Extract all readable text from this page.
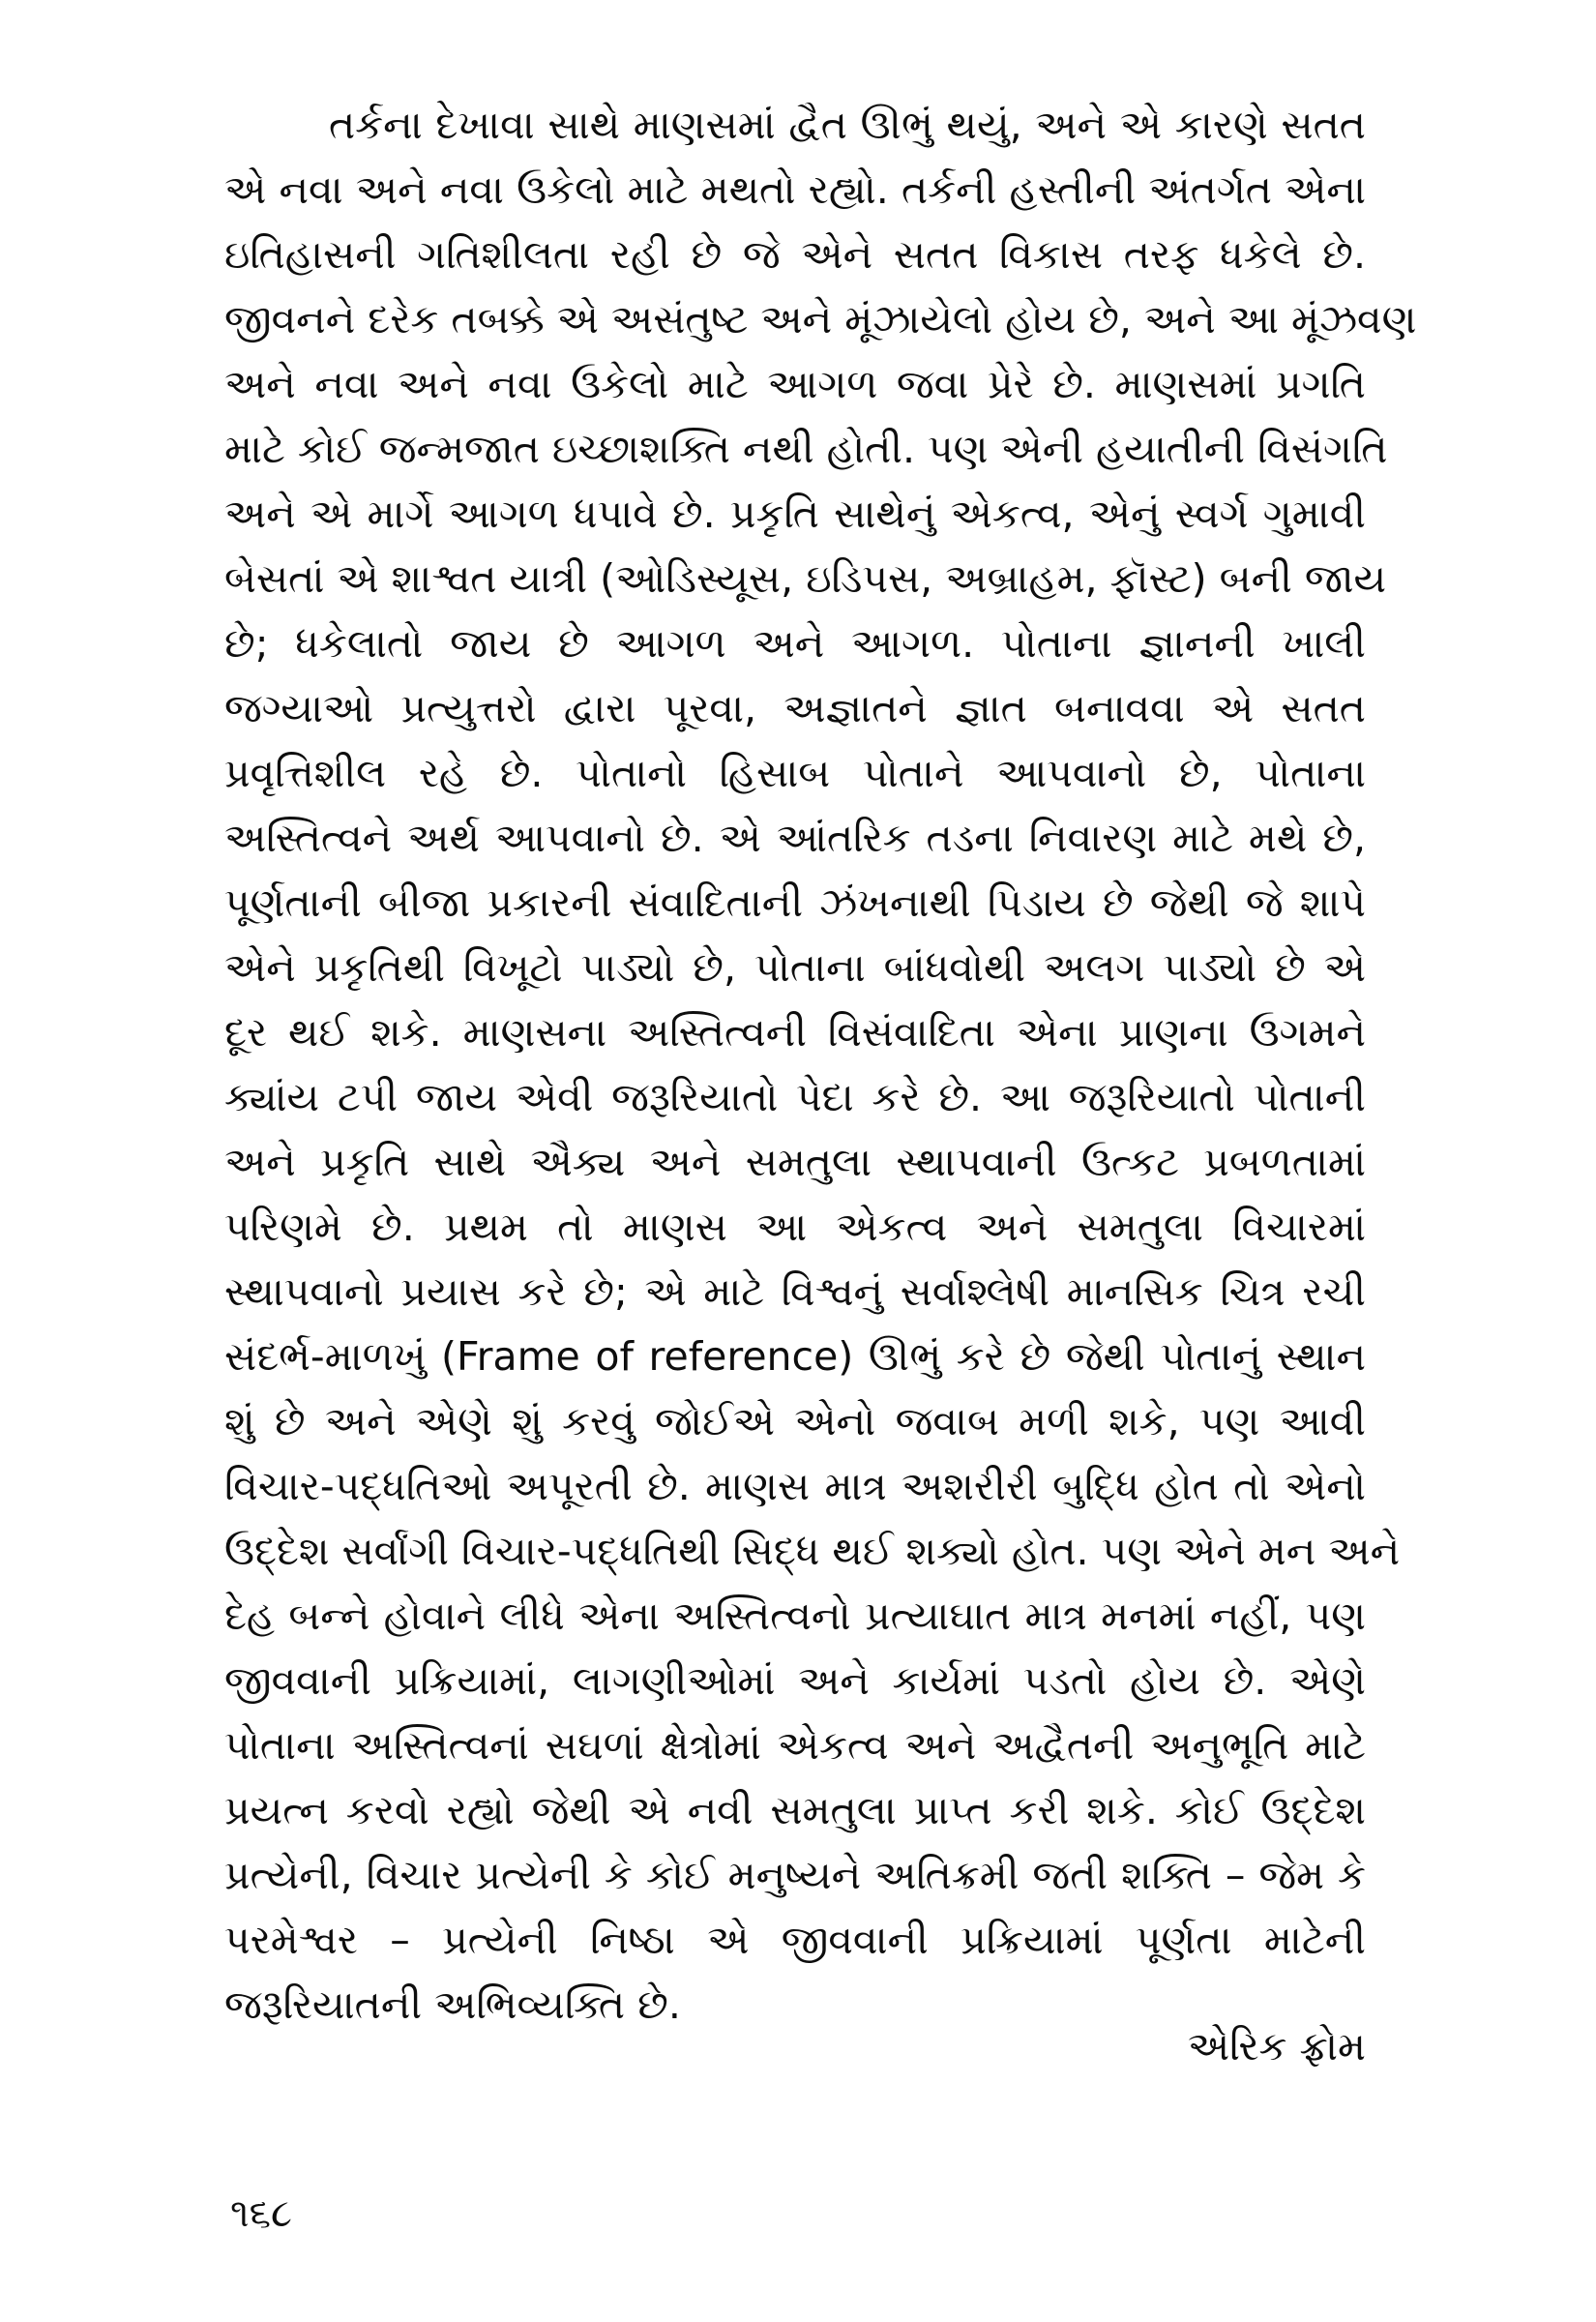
તર્કના દેખાવા સાથે માણસમાં દ્વૈત ઊભું થયું, અને એ કારણે સતત
એ નવા અને નવા ઉકેલો માટે મથતો રહ્યો. તર્કની હસ્તીની અંતર્ગત એના
ઇતિહાસની ગતિશીલતા રહી છે જે એને સતત વિકાસ તરફ ધકેલે છે.
જીવનને દરેક તબક્કે એ અસંતુષ્ટ અને મૂંઝાયેલો હોય છે, અને આ મૂંઝવણ
અને નવા અને નવા ઉકેલો માટે આગળ જવા પ્રેરે છે. માણસમાં પ્રગતિ
માટે કોઈ જન્મજાત ઇચ્છાશક્તિ નથી હોતી. પણ એની હયાતીની વિસંગતિ
અને એ માર્ગે આગળ ધપાવે છે. પ્રકૃતિ સાથેનું એકત્વ, એનું સ્વર્ગ ગુમાવી
બેસતાં એ શાશ્વત યાત્રી (ઓડિસ્યૂસ, ઇડિપસ, અબ્રાહમ, ફૉસ્ટ) બની જાય
છે; ધકેલાતો જાય છે આગળ અને આગળ. પોતાના જ્ઞાનની ખાલી
જગ્યાઓ પ્રત્યુત્તરો દ્વારા પૂરવા, અજ્ઞાતને જ્ઞાત બનાવવા એ સતત
પ્રવૃત્તિશીલ રહે છે. પોતાનો હિસાબ પોતાને આપવાનો છે, પોતાના
અસ્તિત્વને અર્થ આપવાનો છે. એ આંતરિક તડના નિવારણ માટે મથે છે,
પૂર્ણતાની બીજા પ્રકારની સંવાદિતાની ઝંખનાથી પિડાય છે જેથી જે શાપે
એને પ્રકૃતિથી વિખૂટો પાડ્યો છે, પોતાના બાંધવોથી અલગ પાડ્યો છે એ
દૂર થઈ શકે. માણસના અસ્તિત્વની વિસંવાદિતા એના પ્રાણના ઉગમને
ક્યાંય ટપી જાય એવી જરૂરિયાતો પેદા કરે છે. આ જરૂરિયાતો પોતાની
અને પ્રકૃતિ સાથે ઐક્ય અને સમતુલા સ્થાપવાની ઉત્કટ પ્રબળતામાં
પરિણમે છે. પ્રથમ તો માણસ આ એકત્વ અને સમતુલા વિચારમાં
સ્થાપવાનો પ્રયાસ કરે છે; એ માટે વિશ્વનું સર્વાશ્લેષી માનસિક ચિત્ર રચી
સંદર્ભ-માળખું (Frame of reference) ઊભું કરે છે જેથી પોતાનું સ્થાન
શું છે અને એણે શું કરવું જોઈએ એનો જવાબ મળી શકે, પણ આવી
વિચાર-પદ્ધતિઓ અપૂરતી છે. માણસ માત્ર અશરીરી બુદ્ધિ હોત તો એનો
ઉદ્દેશ સર્વાંગી વિચાર-પદ્ધતિથી સિદ્ધ થઈ શક્યો હોત. પણ એને મન અને
દેહ બન્ને હોવાને લીધે એના અસ્તિત્વનો પ્રત્યાઘાત માત્ર મનમાં નહીં, પણ
જીવવાની પ્રક્રિયામાં, લાગણીઓમાં અને કાર્યમાં પડતો હોય છે. એણે
પોતાના અસ્તિત્વનાં સઘળાં ક્ષેત્રોમાં એકત્વ અને અદ્વૈતની અનુભૂતિ માટે
પ્રયત્ન કરવો રહ્યો જેથી એ નવી સમતુલા પ્રાપ્ત કરી શકે. કોઈ ઉદ્દેશ
પ્રત્યેની, વિચાર પ્રત્યેની કે કોઈ મનુષ્યને અતિક્રમી જતી શક્તિ – જેમ કે
પરમેશ્વર – પ્રત્યેની નિષ્ઠા એ જીવવાની પ્રક્રિયામાં પૂર્ણતા માટેની
જરૂરિયાતની અભિવ્યક્તિ છે.
એરિક ફ્રોમ
૧૬૮
